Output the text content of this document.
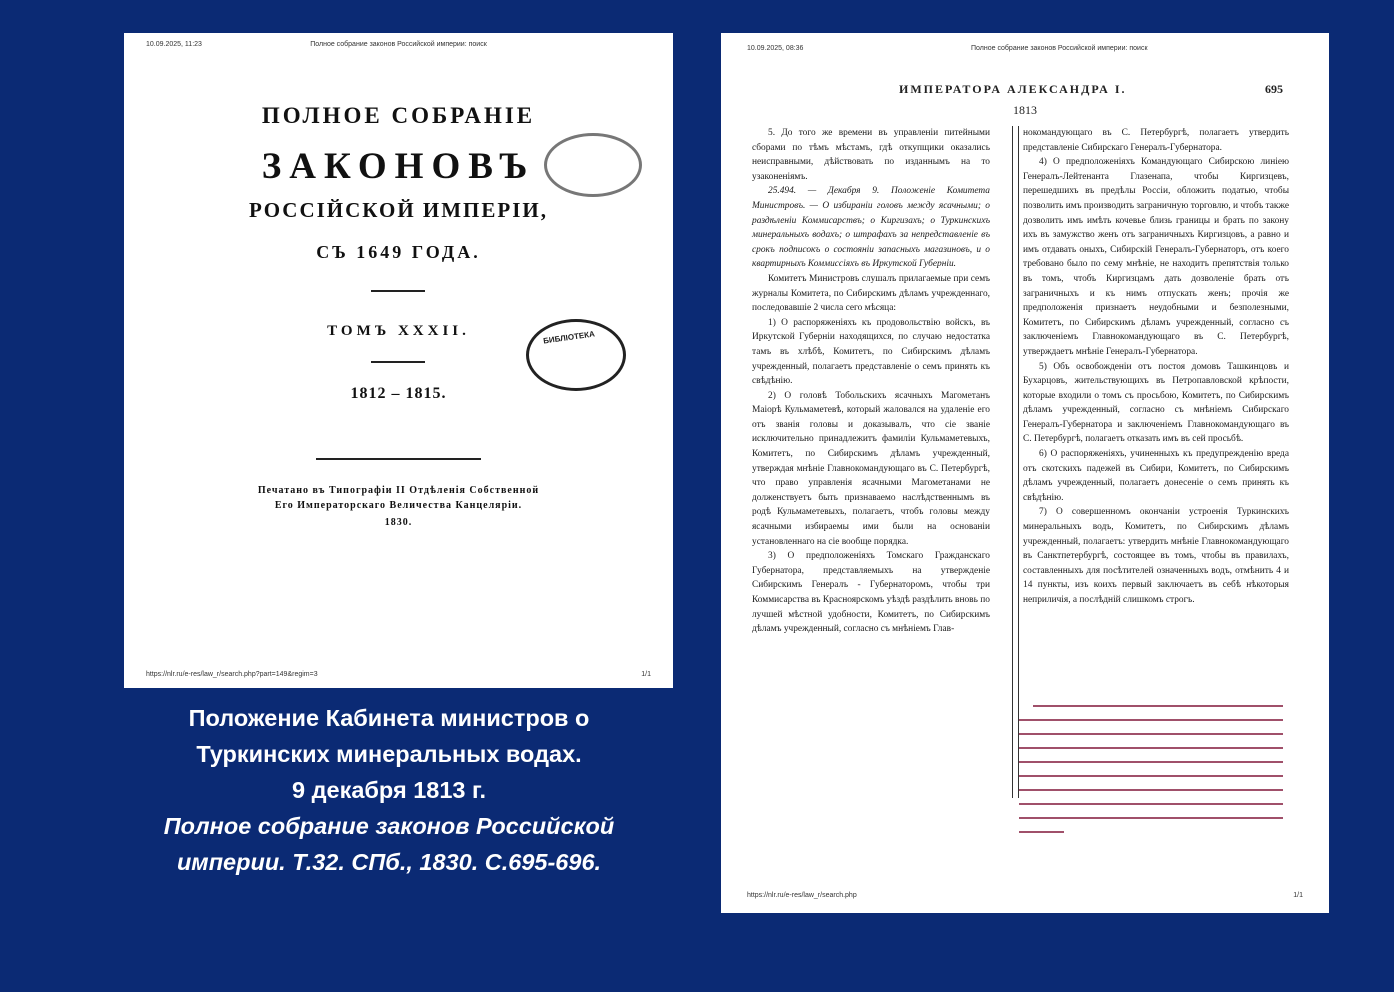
10.09.2025, 11:23	Полное собрание законов Российской империи: поиск
ПОЛНОЕ СОБРАНІЕ
ЗАКОНОВЪ
РОССІЙСКОЙ ИМПЕРІИ,
СЪ 1649 ГОДА.
ТОМЪ XXXII.
1812 – 1815.
Печатано въ Типографіи II Отдѣленія Собственной
Его Императорскаго Величества Канцеляріи.
1830.
БИБЛІОТЕКА
https://nlr.ru/e-res/law_r/search.php?part=149&regim=3	1/1
10.09.2025, 08:36	Полное собрание законов Российской империи: поиск
ИМПЕРАТОРА АЛЕКСАНДРА I.	695
1813

5. До того же времени въ управленіи питейными сборами по тѣмъ мѣстамъ, гдѣ откупщики оказались неисправными, дѣйствовать по изданнымъ на то узаконеніямъ.

25.494. — Декабря 9. Положеніе Комитета Министровъ. — О избираніи головъ между ясачными; о раздѣленіи Коммисарствъ; о Киргизахъ; о Туркинскихъ минеральныхъ водахъ; о штрафахъ за непредставленіе въ срокъ подписокъ о состояніи запасныхъ магазиновъ, и о квартирныхъ Коммиссіяхъ въ Иркутской Губерніи.

Комитетъ Министровъ слушалъ прилагаемые при семъ журналы Комитета, по Сибирскимъ дѣламъ учрежденнаго, последовавшіе 2 числа сего мѣсяца:

1) О распоряженіяхъ къ продовольствію войскъ, въ Иркутской Губерніи находящихся, по случаю недостатка тамъ въ хлѣбѣ, Комитетъ, по Сибирскимъ дѣламъ учрежденный, полагаетъ представленіе о семъ принять къ свѣдѣнію.

2) О головѣ Тобольскихъ ясачныхъ Магометанъ Маіорѣ Кульмаметевѣ, который жаловался на удаленіе его отъ званія головы и доказывалъ, что сіе званіе исключительно принадлежитъ фамиліи Кульмаметевыхъ, Комитетъ, по Сибирскимъ дѣламъ учрежденный, утверждая мнѣніе Главнокомандующаго въ С. Петербургѣ, что право управленія ясачными Магометанами не долженствуетъ быть признаваемо наслѣдственнымъ въ родѣ Кульмаметевыхъ, полагаетъ, чтобъ головы между ясачными избираемы ими были на основаніи установленнаго на сіе вообще порядка.

3) О предположеніяхъ Томскаго Гражданскаго Губернатора, представляемыхъ на утвержденіе Сибирскимъ Генералъ - Губернаторомъ, чтобы три Коммисарства въ Красноярскомъ уѣздѣ раздѣлить вновь по лучшей мѣстной удобности, Комитетъ, по Сибирскимъ дѣламъ учрежденный, согласно съ мнѣніемъ Глав-

нокомандующаго въ С. Петербургѣ, полагаетъ утвердить представленіе Сибирскаго Генералъ-Губернатора.

4) О предположеніяхъ Командующаго Сибирскою линіею Генералъ-Лейтенанта Глазенапа, чтобы Киргизцевъ, перешедшихъ въ предѣлы Россіи, обложить податью, чтобы позволить имъ производить заграничную торговлю, и чтобъ также дозволить имъ имѣть кочевье близь границы и брать по закону ихъ въ замужство женъ отъ заграничныхъ Киргизцовъ, а равно и имъ отдавать оныхъ, Сибирскій Генералъ-Губернаторъ, отъ коего требовано было по сему мнѣніе, не находитъ препятствія только въ томъ, чтобъ Киргизцамъ дать дозволеніе брать отъ заграничныхъ и къ нимъ отпускать женъ; прочія же предположенія признаетъ неудобными и безполезными, Комитетъ, по Сибирскимъ дѣламъ учрежденный, согласно съ заключеніемъ Главнокомандующаго въ С. Петербургѣ, утверждаетъ мнѣніе Генералъ-Губернатора.

5) Объ освобожденіи отъ постоя домовъ Ташкинцовъ и Бухарцовъ, жительствующихъ въ Петропавловской крѣпости, которые входили о томъ съ просьбою, Комитетъ, по Сибирскимъ дѣламъ учрежденный, согласно съ мнѣніемъ Сибирскаго Генералъ-Губернатора и заключеніемъ Главнокомандующаго въ С. Петербургѣ, полагаетъ отказать имъ въ сей просьбѣ.

6) О распоряженіяхъ, учиненныхъ къ предупрежденію вреда отъ скотскихъ падежей въ Сибири, Комитетъ, по Сибирскимъ дѣламъ учрежденный, полагаетъ донесеніе о семъ принять къ свѣдѣнію.

7) О совершенномъ окончаніи устроенія Туркинскихъ минеральныхъ водъ, Комитетъ, по Сибирскимъ дѣламъ учрежденный, полагаетъ: утвердить мнѣніе Главнокомандующаго въ Санктпетербургѣ, состоящее въ томъ, чтобы въ правилахъ, составленныхъ для посѣтителей означенныхъ водъ, отмѣнить 4 и 14 пункты, изъ коихъ первый заключаетъ въ себѣ нѣкоторыя неприличія, а послѣдній слишкомъ строгъ.

https://nlr.ru/e-res/law_r/search.php	1/1
Положение Кабинета министров о
Туркинских минеральных водах.
9 декабря 1813 г.
Полное собрание законов Российской
империи. Т.32. СПб., 1830. С.695-696.
